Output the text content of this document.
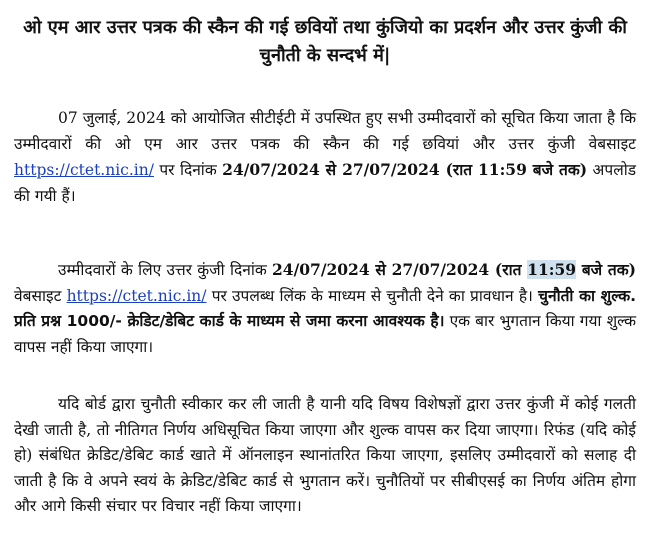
ओ एम आर उत्तर पत्रक की स्कैन की गई छवियों तथा कुंजियो का प्रदर्शन और उत्तर कुंजी की
चुनौती के सन्दर्भ में|

07 जुलाई, 2024 को आयोजित सीटीईटी में उपस्थित हुए सभी उम्मीदवारों को सूचित किया जाता है कि उम्मीदवारों की ओ एम आर उत्तर पत्रक की स्कैन की गई छवियां और उत्तर कुंजी वेबसाइट https://ctet.nic.in/ पर दिनांक 24/07/2024 से 27/07/2024 (रात 11:59 बजे तक) अपलोड की गयी हैं।

उम्मीदवारों के लिए उत्तर कुंजी दिनांक 24/07/2024 से 27/07/2024 (रात 11:59 बजे तक) वेबसाइट https://ctet.nic.in/ पर उपलब्ध लिंक के माध्यम से चुनौती देने का प्रावधान है। चुनौती का शुल्क. प्रति प्रश्न 1000/- क्रेडिट/डेबिट कार्ड के माध्यम से जमा करना आवश्यक है। एक बार भुगतान किया गया शुल्क वापस नहीं किया जाएगा।

यदि बोर्ड द्वारा चुनौती स्वीकार कर ली जाती है यानी यदि विषय विशेषज्ञों द्वारा उत्तर कुंजी में कोई गलती देखी जाती है, तो नीतिगत निर्णय अधिसूचित किया जाएगा और शुल्क वापस कर दिया जाएगा। रिफंड (यदि कोई हो) संबंधित क्रेडिट/डेबिट कार्ड खाते में ऑनलाइन स्थानांतरित किया जाएगा, इसलिए उम्मीदवारों को सलाह दी जाती है कि वे अपने स्वयं के क्रेडिट/डेबिट कार्ड से भुगतान करें। चुनौतियों पर सीबीएसई का निर्णय अंतिम होगा और आगे किसी संचार पर विचार नहीं किया जाएगा।
